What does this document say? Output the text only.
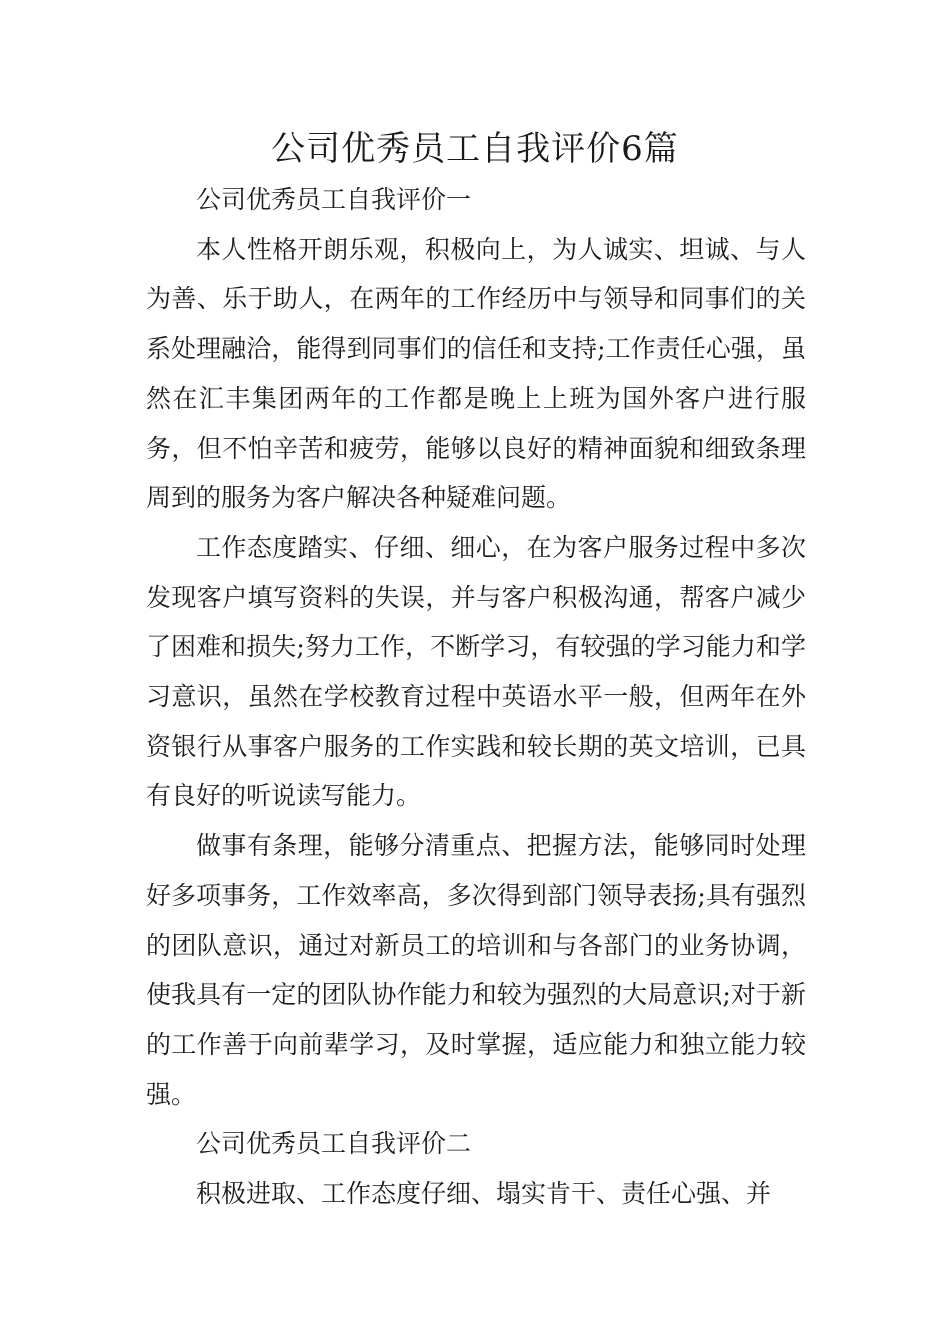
公司优秀员工自我评价6篇

公司优秀员工自我评价一

本人性格开朗乐观，积极向上，为人诚实、坦诚、与人为善、乐于助人，在两年的工作经历中与领导和同事们的关系处理融洽，能得到同事们的信任和支持;工作责任心强，虽然在汇丰集团两年的工作都是晚上上班为国外客户进行服务，但不怕辛苦和疲劳，能够以良好的精神面貌和细致条理周到的服务为客户解决各种疑难问题。

工作态度踏实、仔细、细心，在为客户服务过程中多次发现客户填写资料的失误，并与客户积极沟通，帮客户减少了困难和损失;努力工作，不断学习，有较强的学习能力和学习意识，虽然在学校教育过程中英语水平一般，但两年在外资银行从事客户服务的工作实践和较长期的英文培训，已具有良好的听说读写能力。

做事有条理，能够分清重点、把握方法，能够同时处理好多项事务，工作效率高，多次得到部门领导表扬;具有强烈的团队意识，通过对新员工的培训和与各部门的业务协调，使我具有一定的团队协作能力和较为强烈的大局意识;对于新的工作善于向前辈学习，及时掌握，适应能力和独立能力较强。

公司优秀员工自我评价二

积极进取、工作态度仔细、塌实肯干、责任心强、并
